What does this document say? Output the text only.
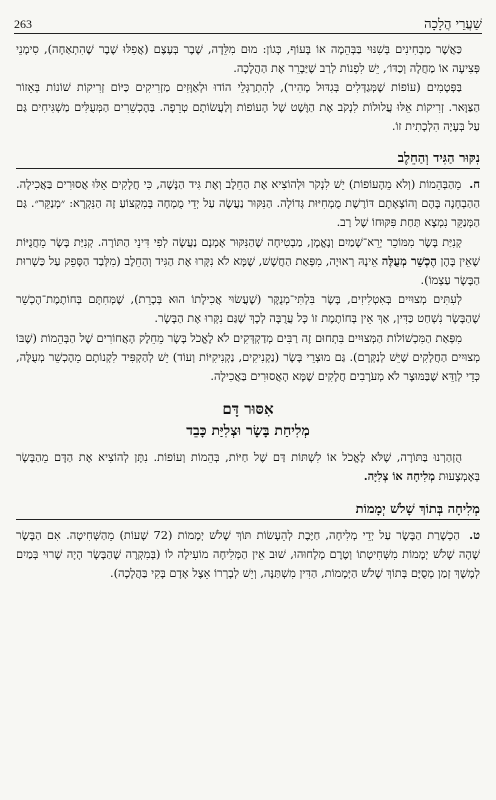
263	שַׁעֲרֵי הֲלָכָה

כַּאֲשֶׁר מַבְחִינִים בְּשִׁנּוּי בַּבְּהֵמָה אוֹ בָּעוֹף, כְּגוֹן: מוּם מִלֵּדָה, שֶׁבֶר בְּעֶצֶם (אֲפִלּוּ שֶׁבֶר שֶׁהִתְאַחָה), סִימָנֵי פְּצִיעָה אוֹ מַחֲלָה וְכַדּוֹ׳, יֵשׁ לִפְנוֹת לְרַב שֶׁיַּבָרֵר אֶת הַהֲלָכָה.

בַּפְּטָמִים (עוֹפוֹת שֶׁמְּגַדְּלִים בְּגִדּוּל מָהִיר), לְהִתְרַגְּלֵי הוֹדוּ וּלְאַוָּזִים מַזְרִיקִים כַּיּוֹם זְרִיקוֹת שׁוֹנוֹת בְּאֵזוֹר הַצַּוָּאר. זְרִיקוֹת אֵלּוּ עֲלוּלוֹת לִנְקֹב אֶת הַוֶּשֶׁט שֶׁל הָעוֹפוֹת וְלַעֲשׂוֹתָם טְרֵפָה. בַּהֶכְשֵׁרִים הַמְּעֻלִּים מַשְׁגִּיחִים גַּם עַל בְּעָיָה הִלְכָתִית זוֹ.

נִקּוּר הַגִּיד וְהַחֵלֶב

ח. מֵהַבְּהֵמוֹת (וְלֹא מֵהָעוֹפוֹת) יֵשׁ לִנְקֹר וּלְהוֹצִיא אֶת הַחֵלֶב וְאֶת גִּיד הַנָּשֶׁה, כִּי חֲלָקִים אֵלּוּ אֲסוּרִים בַּאֲכִילָה. הַהַבְחָנָה בָּהֶם וְהוֹצָאָתָם דּוֹרֶשֶׁת מֻמְחִיּוּת גְּדוֹלָה. הַנִּקּוּר נַעֲשֶׂה עַל יְדֵי מֻמְחֶה בְּמִקְצוֹעַ זֶה הַנִּקְרָא: ״מְנַקֵּר״. גַּם הַמְּנַקֵּר נִמְצָא תַּחַת פִּקּוּחוֹ שֶׁל רַב.

קְנִיַּת בָּשָׂר מִמּוֹכֵר יְרֵא־שָׁמַיִם וְנֶאֱמָן, מַבְטִיחָה שֶׁהַנִּקּוּר אָמְנָם נַעֲשָׂה לְפִי דִּינֵי הַתּוֹרָה. קְנִיַּת בָּשָׂר מֵחֲנֻיּוֹת שֶׁאֵין בָּהֶן הֶכְשֵׁר מְעֻלֶּה אֵינָהּ רְאוּיָה, מִפְּאַת הַחֲשָׁשׁ, שֶׁמָּא לֹא נִקְּרוּ אֶת הַגִּיד וְהַחֵלֶב (מִלְּבַד הַסָּפֵק עַל כַּשְׁרוּת הַבָּשָׂר עַצְמוֹ).

לְעִתִּים מְצוּיִים בְּאִטְלִיזִים, בָּשָׂר בִּלְתִּי־מְנֻקָּר (שֶׁעֲשׂוּי אֲכִילָתוֹ הוּא בְּכָרֵת), שֶׁמְּחִתָּם בְּחוֹתֶמֶת־הֶכְשֵׁר שֶׁהַבָּשָׂר נִשְׁחַט כַּדִּין, אַךְ אֵין בְּחוֹתֶמֶת זוֹ כָּל עֲרֻבָּה לְכָךְ שֶׁגַּם נִקְּרוּ אֶת הַבָּשָׂר.

מִפְּאַת הַמִּכְשׁוֹלוֹת הַמְּצוּיִים בִּתְחוּם זֶה רַבִּים מְדַקְדְּקִים לֹא לֶאֱכֹל בָּשָׂר מֵחֵלֶק הָאֲחוֹרִים שֶׁל הַבְּהֵמוֹת (שֶׁבּוֹ מְצוּיִים הַחֲלָקִים שֶׁיֵּשׁ לְנַקְּרָם). גַּם מוּצְרֵי בָּשָׂר (נַקְנִיקִים, נַקְנִיקִיּוֹת וְעוֹד) יֵשׁ לְהַקְפִּיד לִקְנוֹתָם מֵהֶכְשֵׁר מְעֻלֶּה, כְּדֵי לְוַדֵּא שֶׁבַּמּוּצָר לֹא מְעֹרָבִים חֲלָקִים שֶׁמָּא הָאֲסוּרִים בַּאֲכִילָה.

אִסּוּר דָּם
מְלִיחַת בָּשָׂר וּצְלִיַּת כָּבֵד

הֻזְהַרְנוּ בַּתּוֹרָה, שֶׁלֹּא לֶאֱכֹל אוֹ לִשְׁתּוֹת דַּם שֶׁל חַיּוֹת, בְּהֵמוֹת וְעוֹפוֹת. נִתָּן לְהוֹצִיא אֶת הַדָּם מֵהַבָּשָׂר בְּאֶמְצָעוּת מְלִיחָה אוֹ צְלִיָּה.

מְלִיחָה בְּתוֹךְ שָׁלֹשׁ יְמָמוֹת

ט. הַכְשָׁרַת הַבָּשָׂר עַל יְדֵי מְלִיחָה, חַיֶּבֶת לְהֵעָשׂוֹת תּוֹךְ שָׁלֹשׁ יְמָמוֹת (72 שָׁעוֹת) מֵהַשְּׁחִיטָה. אִם הַבָּשָׂר שָׁהָה שָׁלֹשׁ יְמָמוֹת מִשְּׁחִיטָתוֹ וְטֶרֶם מְלָחוּהוּ, שׁוּב אֵין הַמְּלִיחָה מוֹעִילָה לוֹ (בְּמִקְרֶה שֶׁהַבָּשָׂר הָיָה שָׁרוּי בְּמַיִם לְמֶשֶׁךְ זְמַן מְסֻיָּם בְּתוֹךְ שָׁלֹשׁ הַיְּמָמוֹת, הַדִּין מִשְׁתַּנֶּה, וְיֵשׁ לְבָרְרוֹ אֵצֶל אָדָם בָּקִי בַּהֲלָכָה).
